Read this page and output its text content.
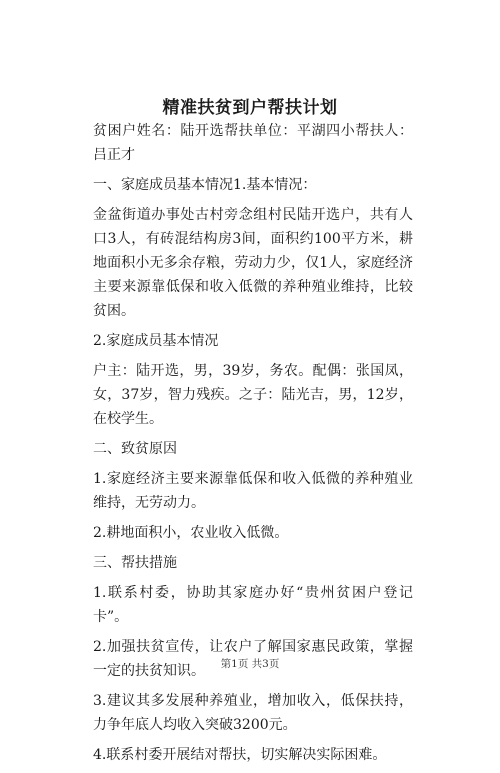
精准扶贫到户帮扶计划

贫困户姓名：陆开选帮扶单位：平湖四小帮扶人：吕正才

一、家庭成员基本情况1.基本情况：

金盆街道办事处古村旁念组村民陆开选户，共有人口3人，有砖混结构房3间，面积约100平方米，耕地面积小无多余存粮，劳动力少，仅1人，家庭经济主要来源靠低保和收入低微的养种殖业维持，比较贫困。

2.家庭成员基本情况

户主：陆开选，男，39岁，务农。配偶：张国凤，女，37岁，智力残疾。之子：陆光吉，男，12岁，在校学生。

二、致贫原因

1.家庭经济主要来源靠低保和收入低微的养种殖业维持，无劳动力。

2.耕地面积小，农业收入低微。

三、帮扶措施

1.联系村委，协助其家庭办好“贵州贫困户登记卡”。

2.加强扶贫宣传，让农户了解国家惠民政策，掌握一定的扶贫知识。

3.建议其多发展种养殖业，增加收入，低保扶持，力争年底人均收入突破3200元。

4.联系村委开展结对帮扶，切实解决实际困难。

第1页 共3页
